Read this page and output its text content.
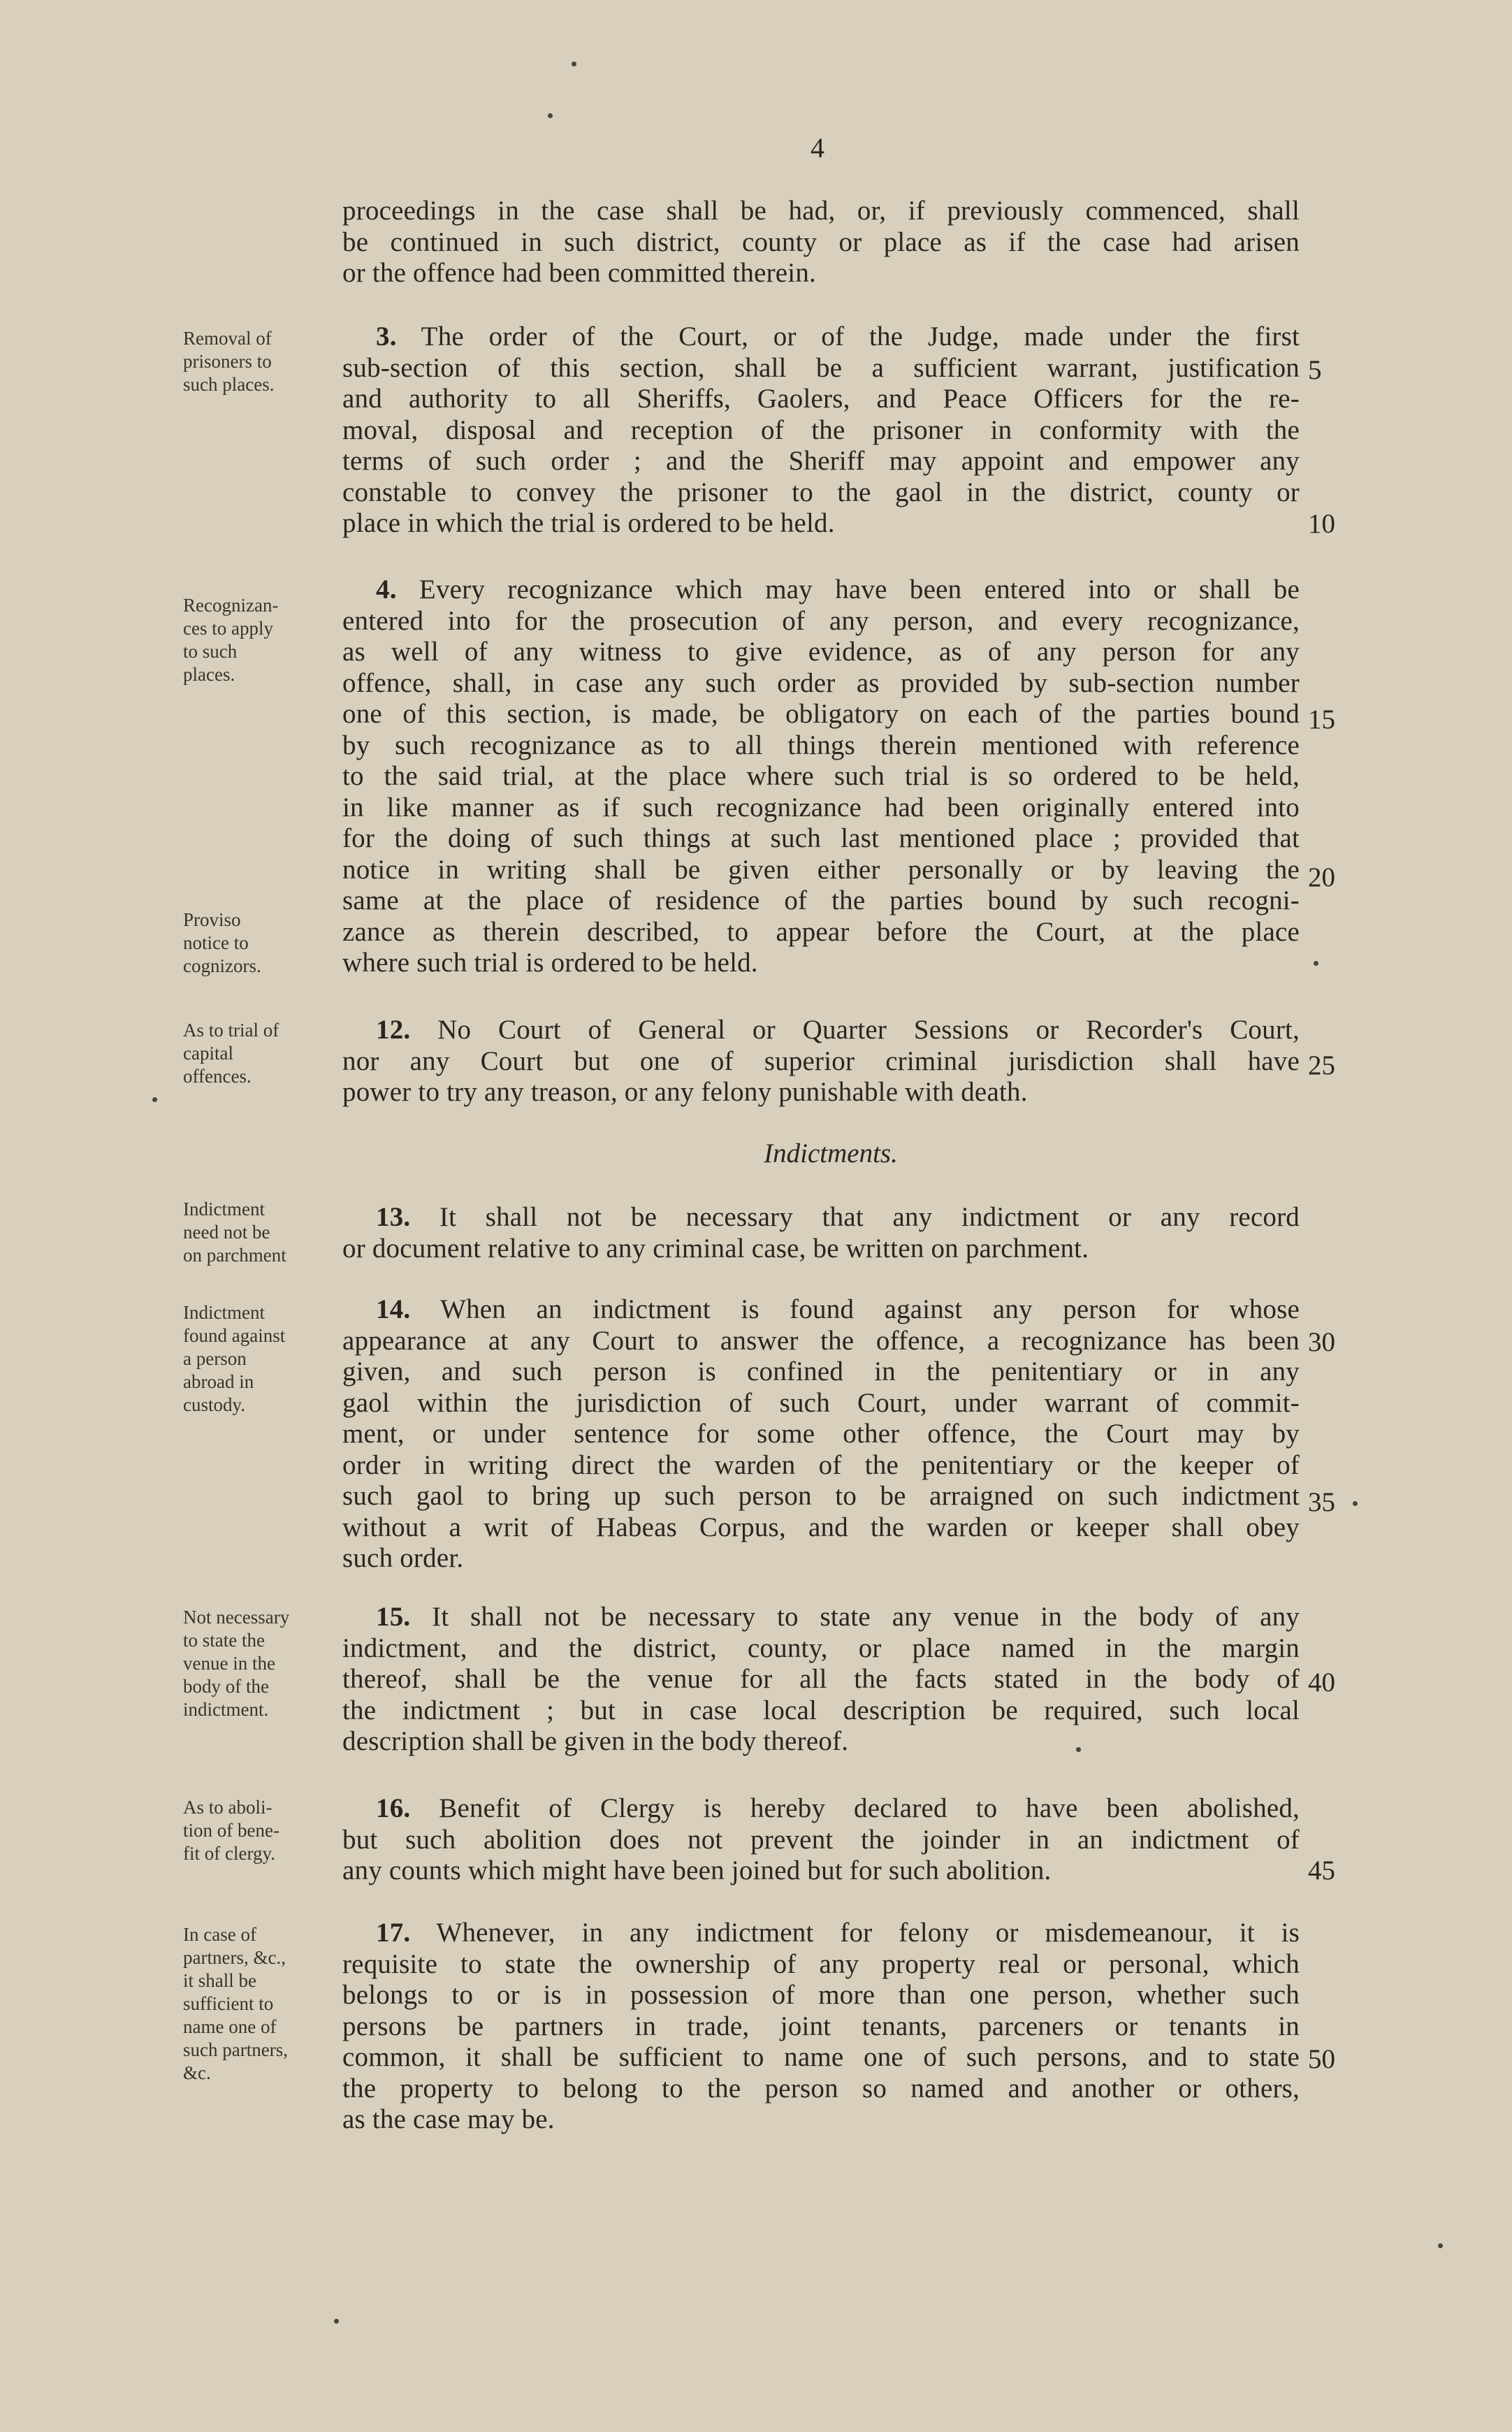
4
proceedings in the case shall be had, or, if previously commenced, shall
be continued in such district, county or place as if the case had arisen
or the offence had been committed therein.
Removal of
prisoners to
such places.
3. The order of the Court, or of the Judge, made under the first
sub-section of this section, shall be a sufficient warrant, justification
and authority to all Sheriffs, Gaolers, and Peace Officers for the re-
moval, disposal and reception of the prisoner in conformity with the
terms of such order ; and the Sheriff may appoint and empower any
constable to convey the prisoner to the gaol in the district, county or
place in which the trial is ordered to be held.
Recognizan-
ces to apply
to such
places.
Proviso
notice to
cognizors.
4. Every recognizance which may have been entered into or shall be
entered into for the prosecution of any person, and every recognizance,
as well of any witness to give evidence, as of any person for any
offence, shall, in case any such order as provided by sub-section number
one of this section, is made, be obligatory on each of the parties bound
by such recognizance as to all things therein mentioned with reference
to the said trial, at the place where such trial is so ordered to be held,
in like manner as if such recognizance had been originally entered into
for the doing of such things at such last mentioned place ; provided that
notice in writing shall be given either personally or by leaving the
same at the place of residence of the parties bound by such recogni-
zance as therein described, to appear before the Court, at the place
where such trial is ordered to be held.
As to trial of
capital
offences.
12. No Court of General or Quarter Sessions or Recorder's Court,
nor any Court but one of superior criminal jurisdiction shall have
power to try any treason, or any felony punishable with death.
Indictments.
Indictment
need not be
on parchment
13. It shall not be necessary that any indictment or any record
or document relative to any criminal case, be written on parchment.
Indictment
found against
a person
abroad in
custody.
14. When an indictment is found against any person for whose
appearance at any Court to answer the offence, a recognizance has been
given, and such person is confined in the penitentiary or in any
gaol within the jurisdiction of such Court, under warrant of commit-
ment, or under sentence for some other offence, the Court may by
order in writing direct the warden of the penitentiary or the keeper of
such gaol to bring up such person to be arraigned on such indictment
without a writ of Habeas Corpus, and the warden or keeper shall obey
such order.
Not necessary
to state the
venue in the
body of the
indictment.
15. It shall not be necessary to state any venue in the body of any
indictment, and the district, county, or place named in the margin
thereof, shall be the venue for all the facts stated in the body of
the indictment ; but in case local description be required, such local
description shall be given in the body thereof.
As to aboli-
tion of bene-
fit of clergy.
16. Benefit of Clergy is hereby declared to have been abolished,
but such abolition does not prevent the joinder in an indictment of
any counts which might have been joined but for such abolition.
In case of
partners, &c.,
it shall be
sufficient to
name one of
such partners,
&c.
17. Whenever, in any indictment for felony or misdemeanour, it is
requisite to state the ownership of any property real or personal, which
belongs to or is in possession of more than one person, whether such
persons be partners in trade, joint tenants, parceners or tenants in
common, it shall be sufficient to name one of such persons, and to state
the property to belong to the person so named and another or others,
as the case may be.
5
10
15
20
25
30
35
40
45
50
